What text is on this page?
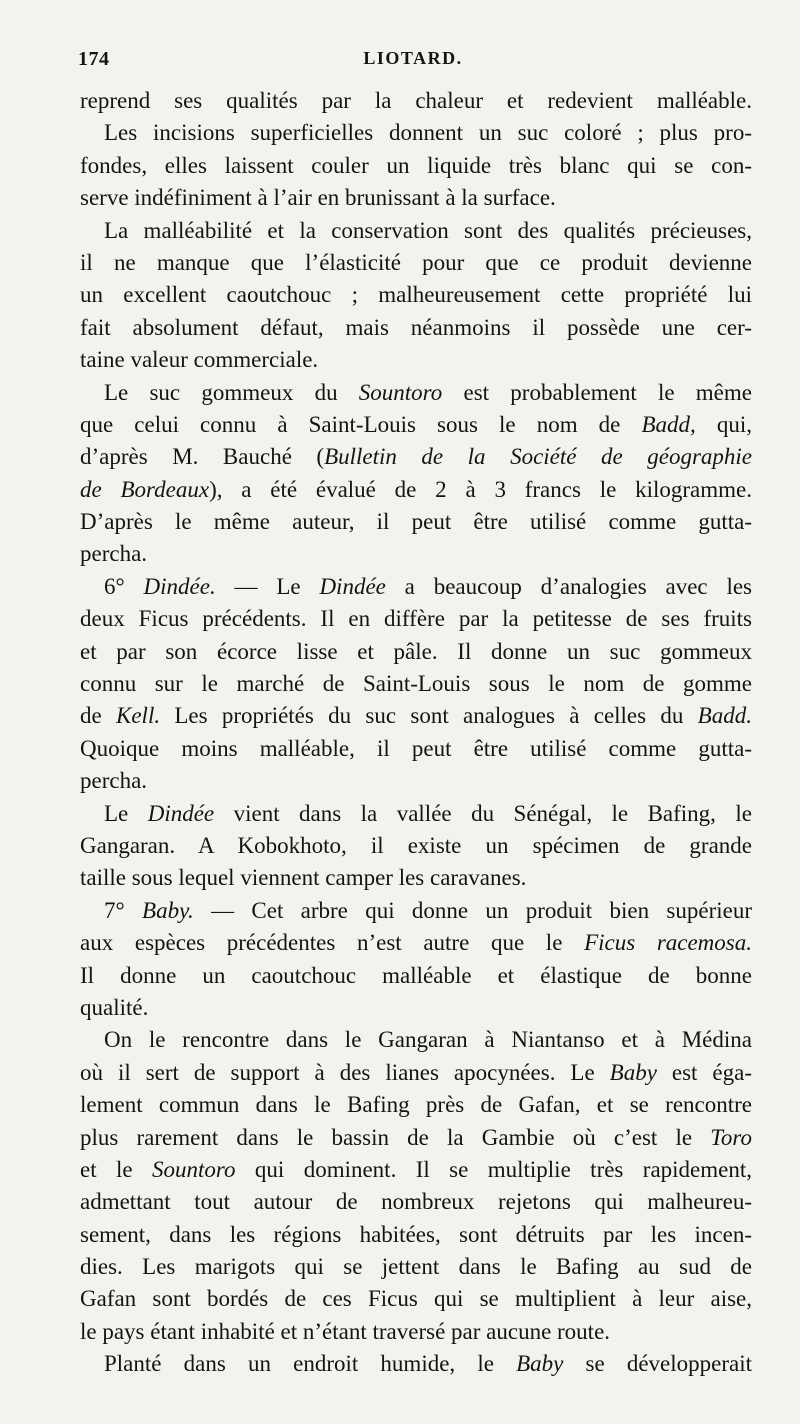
174	LIOTARD.
reprend ses qualités par la chaleur et redevient malléable.
Les incisions superficielles donnent un suc coloré ; plus pro-
fondes, elles laissent couler un liquide très blanc qui se con-
serve indéfiniment à l’air en brunissant à la surface.
La malléabilité et la conservation sont des qualités précieuses,
il ne manque que l’élasticité pour que ce produit devienne
un excellent caoutchouc ; malheureusement cette propriété lui
fait absolument défaut, mais néanmoins il possède une cer-
taine valeur commerciale.
Le suc gommeux du Sountoro est probablement le même
que celui connu à Saint-Louis sous le nom de Badd, qui,
d’après M. Bauché (Bulletin de la Société de géographie
de Bordeaux), a été évalué de 2 à 3 francs le kilogramme.
D’après le même auteur, il peut être utilisé comme gutta-
percha.
6° Dindée. — Le Dindée a beaucoup d’analogies avec les
deux Ficus précédents. Il en diffère par la petitesse de ses fruits
et par son écorce lisse et pâle. Il donne un suc gommeux
connu sur le marché de Saint-Louis sous le nom de gomme
de Kell. Les propriétés du suc sont analogues à celles du Badd.
Quoique moins malléable, il peut être utilisé comme gutta-
percha.
Le Dindée vient dans la vallée du Sénégal, le Bafing, le
Gangaran. A Kobokhoto, il existe un spécimen de grande
taille sous lequel viennent camper les caravanes.
7° Baby. — Cet arbre qui donne un produit bien supérieur
aux espèces précédentes n’est autre que le Ficus racemosa.
Il donne un caoutchouc malléable et élastique de bonne
qualité.
On le rencontre dans le Gangaran à Niantanso et à Médina
où il sert de support à des lianes apocynées. Le Baby est éga-
lement commun dans le Bafing près de Gafan, et se rencontre
plus rarement dans le bassin de la Gambie où c’est le Toro
et le Sountoro qui dominent. Il se multiplie très rapidement,
admettant tout autour de nombreux rejetons qui malheureu-
sement, dans les régions habitées, sont détruits par les incen-
dies. Les marigots qui se jettent dans le Bafing au sud de
Gafan sont bordés de ces Ficus qui se multiplient à leur aise,
le pays étant inhabité et n’étant traversé par aucune route.
Planté dans un endroit humide, le Baby se développerait
